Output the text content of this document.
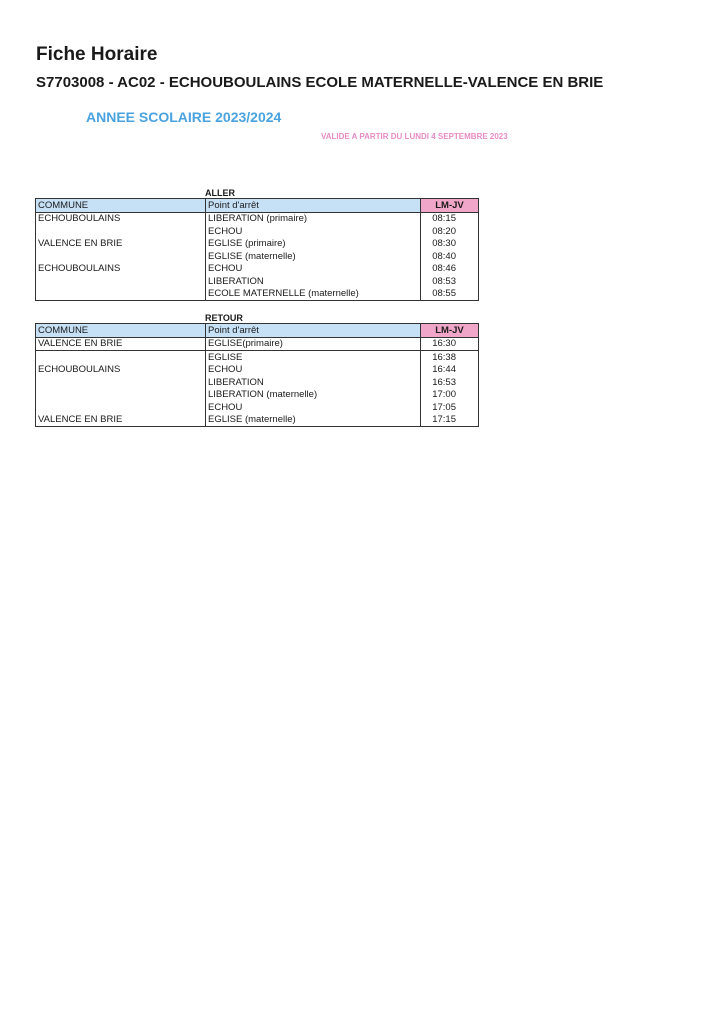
Fiche Horaire
S7703008 - AC02 - ECHOUBOULAINS ECOLE MATERNELLE-VALENCE EN BRIE
ANNEE SCOLAIRE 2023/2024
VALIDE A PARTIR DU LUNDI 4 SEPTEMBRE 2023
ALLER
COMMUNE	Point d'arrêt	LM-JV
ECHOUBOULAINS	LIBERATION (primaire)	08:15
	ECHOU	08:20
VALENCE EN BRIE	EGLISE (primaire)	08:30
	EGLISE (maternelle)	08:40
ECHOUBOULAINS	ECHOU	08:46
	LIBERATION	08:53
	ECOLE MATERNELLE (maternelle)	08:55
RETOUR
COMMUNE	Point d'arrêt	LM-JV
VALENCE EN BRIE	EGLISE(primaire)	16:30
	EGLISE	16:38
ECHOUBOULAINS	ECHOU	16:44
	LIBERATION	16:53
	LIBERATION (maternelle)	17:00
	ECHOU	17:05
VALENCE EN BRIE	EGLISE (maternelle)	17:15
